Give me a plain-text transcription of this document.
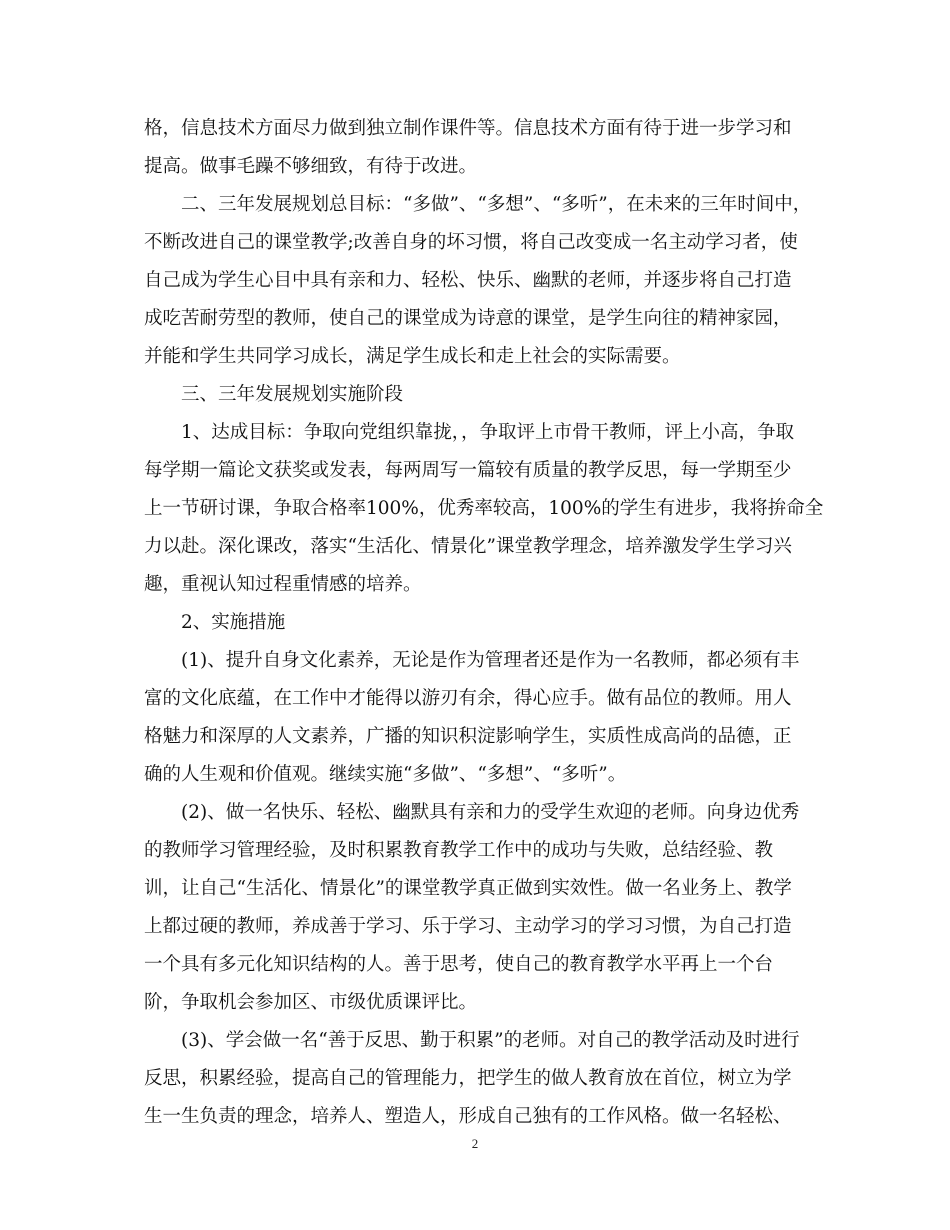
格，信息技术方面尽力做到独立制作课件等。信息技术方面有待于进一步学习和
提高。做事毛躁不够细致，有待于改进。
二、三年发展规划总目标：“多做”、“多想”、“多听”，在未来的三年时间中，
不断改进自己的课堂教学;改善自身的坏习惯，将自己改变成一名主动学习者，使
自己成为学生心目中具有亲和力、轻松、快乐、幽默的老师，并逐步将自己打造
成吃苦耐劳型的教师，使自己的课堂成为诗意的课堂，是学生向往的精神家园，
并能和学生共同学习成长，满足学生成长和走上社会的实际需要。
三、三年发展规划实施阶段
1、达成目标：争取向党组织靠拢，，争取评上市骨干教师，评上小高，争取
每学期一篇论文获奖或发表，每两周写一篇较有质量的教学反思，每一学期至少
上一节研讨课，争取合格率100%，优秀率较高，100%的学生有进步，我将拚命全
力以赴。深化课改，落实“生活化、情景化”课堂教学理念，培养激发学生学习兴
趣，重视认知过程重情感的培养。
2、实施措施
(1)、提升自身文化素养，无论是作为管理者还是作为一名教师，都必须有丰
富的文化底蕴，在工作中才能得以游刃有余，得心应手。做有品位的教师。用人
格魅力和深厚的人文素养，广播的知识积淀影响学生，实质性成高尚的品德，正
确的人生观和价值观。继续实施“多做”、“多想”、“多听”。
(2)、做一名快乐、轻松、幽默具有亲和力的受学生欢迎的老师。向身边优秀
的教师学习管理经验，及时积累教育教学工作中的成功与失败，总结经验、教
训，让自己“生活化、情景化”的课堂教学真正做到实效性。做一名业务上、教学
上都过硬的教师，养成善于学习、乐于学习、主动学习的学习习惯，为自己打造
一个具有多元化知识结构的人。善于思考，使自己的教育教学水平再上一个台
阶，争取机会参加区、市级优质课评比。
(3)、学会做一名“善于反思、勤于积累”的老师。对自己的教学活动及时进行
反思，积累经验，提高自己的管理能力，把学生的做人教育放在首位，树立为学
生一生负责的理念，培养人、塑造人，形成自己独有的工作风格。做一名轻松、
2
